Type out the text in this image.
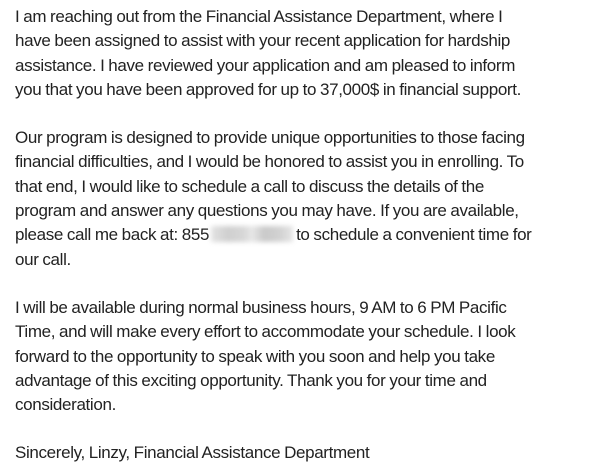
I am reaching out from the Financial Assistance Department, where I
have been assigned to assist with your recent application for hardship
assistance. I have reviewed your application and am pleased to inform
you that you have been approved for up to 37,000$ in financial support.

Our program is designed to provide unique opportunities to those facing
financial difficulties, and I would be honored to assist you in enrolling. To
that end, I would like to schedule a call to discuss the details of the
program and answer any questions you may have. If you are available,
please call me back at: 855	to schedule a convenient time for
our call.

I will be available during normal business hours, 9 AM to 6 PM Pacific
Time, and will make every effort to accommodate your schedule. I look
forward to the opportunity to speak with you soon and help you take
advantage of this exciting opportunity. Thank you for your time and
consideration.

Sincerely, Linzy, Financial Assistance Department
